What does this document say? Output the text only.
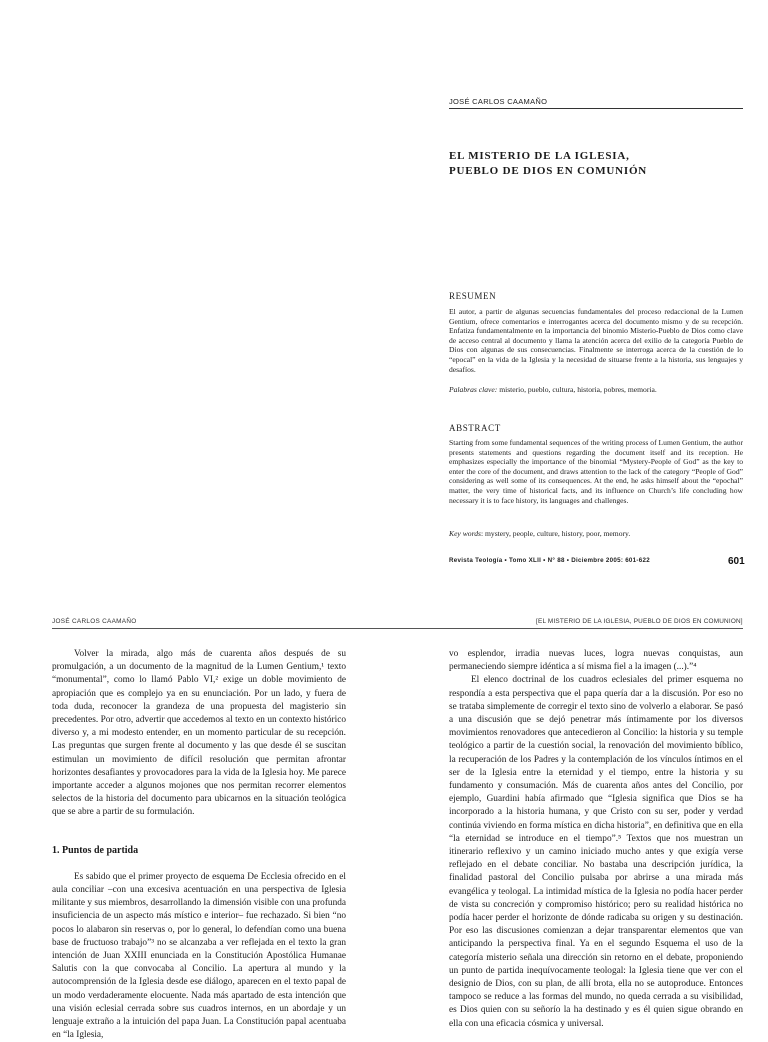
JOSÉ CARLOS CAAMAÑO
EL MISTERIO DE LA IGLESIA,
PUEBLO DE DIOS EN COMUNIÓN
RESUMEN
El autor, a partir de algunas secuencias fundamentales del proceso redaccional de la Lumen Gentium, ofrece comentarios e interrogantes acerca del documento mismo y de su recepción. Enfatiza fundamentalmente en la importancia del binomio Misterio-Pueblo de Dios como clave de acceso central al documento y llama la atención acerca del exilio de la categoría Pueblo de Dios con algunas de sus consecuencias. Finalmente se interroga acerca de la cuestión de lo “epocal” en la vida de la Iglesia y la necesidad de situarse frente a la historia, sus lenguajes y desafíos.
Palabras clave: misterio, pueblo, cultura, historia, pobres, memoria.
ABSTRACT
Starting from some fundamental sequences of the writing process of Lumen Gentium, the author presents statements and questions regarding the document itself and its reception. He emphasizes especially the importance of the binomial “Mystery-People of God” as the key to enter the core of the document, and draws attention to the lack of the category “People of God” considering as well some of its consequences. At the end, he asks himself about the “epochal” matter, the very time of historical facts, and its influence on Church’s life concluding how necessary it is to face history, its languages and challenges.
Key words: mystery, people, culture, history, poor, memory.
Revista Teología • Tomo XLII • N° 88 • Diciembre 2005: 601-622	601
JOSÉ CARLOS CAAMAÑO	[EL MISTERIO DE LA IGLESIA, PUEBLO DE DIOS EN COMUNION]

Volver la mirada, algo más de cuarenta años después de su promulgación, a un documento de la magnitud de la Lumen Gentium,¹ texto “monumental”, como lo llamó Pablo VI,² exige un doble movimiento de apropiación que es complejo ya en su enunciación. Por un lado, y fuera de toda duda, reconocer la grandeza de una propuesta del magisterio sin precedentes. Por otro, advertir que accedemos al texto en un contexto histórico diverso y, a mi modesto entender, en un momento particular de su recepción. Las preguntas que surgen frente al documento y las que desde él se suscitan estimulan un movimiento de difícil resolución que permitan afrontar horizontes desafiantes y provocadores para la vida de la Iglesia hoy. Me parece importante acceder a algunos mojones que nos permitan recorrer elementos selectos de la historia del documento para ubicarnos en la situación teológica que se abre a partir de su formulación.

1. Puntos de partida

Es sabido que el primer proyecto de esquema De Ecclesia ofrecido en el aula conciliar –con una excesiva acentuación en una perspectiva de Iglesia militante y sus miembros, desarrollando la dimensión visible con una profunda insuficiencia de un aspecto más místico e interior– fue rechazado. Si bien “no pocos lo alabaron sin reservas o, por lo general, lo defendían como una buena base de fructuoso trabajo”³ no se alcanzaba a ver reflejada en el texto la gran intención de Juan XXIII enunciada en la Constitución Apostólica Humanae Salutis con la que convocaba al Concilio. La apertura al mundo y la autocomprensión de la Iglesia desde ese diálogo, aparecen en el texto papal de un modo verdaderamente elocuente. Nada más apartado de esta intención que una visión eclesial cerrada sobre sus cuadros internos, en un abordaje y un lenguaje extraño a la intuición del papa Juan. La Constitución papal acentuaba en “la Iglesia,

vo esplendor, irradia nuevas luces, logra nuevas conquistas, aun permaneciendo siempre idéntica a sí misma fiel a la imagen (...).”⁴

El elenco doctrinal de los cuadros eclesiales del primer esquema no respondía a esta perspectiva que el papa quería dar a la discusión. Por eso no se trataba simplemente de corregir el texto sino de volverlo a elaborar. Se pasó a una discusión que se dejó penetrar más íntimamente por los diversos movimientos renovadores que antecedieron al Concilio: la historia y su temple teológico a partir de la cuestión social, la renovación del movimiento bíblico, la recuperación de los Padres y la contemplación de los vínculos íntimos en el ser de la Iglesia entre la eternidad y el tiempo, entre la historia y su fundamento y consumación. Más de cuarenta años antes del Concilio, por ejemplo, Guardini había afirmado que “Iglesia significa que Dios se ha incorporado a la historia humana, y que Cristo con su ser, poder y verdad continúa viviendo en forma mística en dicha historia”, en definitiva que en ella “la eternidad se introduce en el tiempo”.⁵ Textos que nos muestran un itinerario reflexivo y un camino iniciado mucho antes y que exigía verse reflejado en el debate conciliar. No bastaba una descripción jurídica, la finalidad pastoral del Concilio pulsaba por abrirse a una mirada más evangélica y teologal. La intimidad mística de la Iglesia no podía hacer perder de vista su concreción y compromiso histórico; pero su realidad histórica no podía hacer perder el horizonte de dónde radicaba su origen y su destinación. Por eso las discusiones comienzan a dejar transparentar elementos que van anticipando la perspectiva final. Ya en el segundo Esquema el uso de la categoría misterio señala una dirección sin retorno en el debate, proponiendo un punto de partida inequívocamente teologal: la Iglesia tiene que ver con el designio de Dios, con su plan, de allí brota, ella no se autoproduce. Entonces tampoco se reduce a las formas del mundo, no queda cerrada a su visibilidad, es Dios quien con su señorío la ha destinado y es él quien sigue obrando en ella con una eficacia cósmica y universal.
